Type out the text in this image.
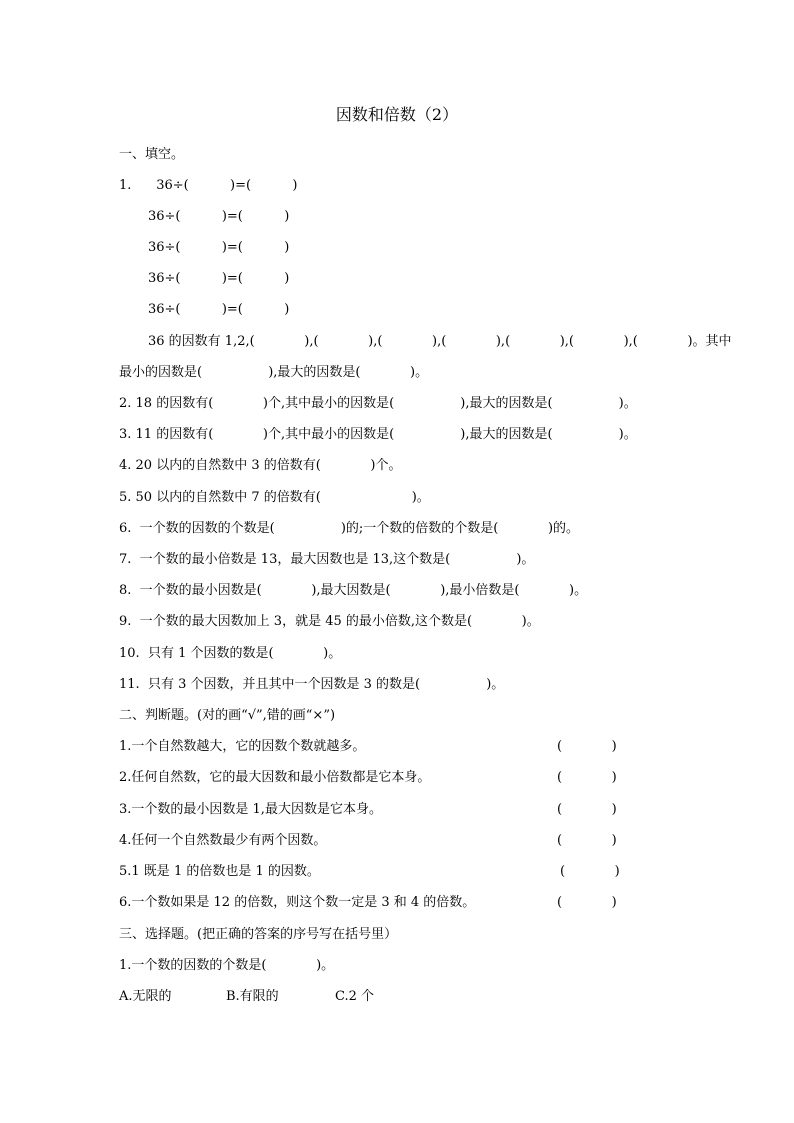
因数和倍数（2）
一、填空。
1.      36÷(          )=(          )
36÷(          )=(          )
36÷(          )=(          )
36÷(          )=(          )
36÷(          )=(          )
36 的因数有 1,2,(            ),(            ),(            ),(            ),(            ),(            ),(            )。其中
最小的因数是(                ),最大的因数是(            )。
2. 18 的因数有(            )个,其中最小的因数是(                ),最大的因数是(                )。
3. 11 的因数有(            )个,其中最小的因数是(                ),最大的因数是(                )。
4. 20 以内的自然数中 3 的倍数有(            )个。
5. 50 以内的自然数中 7 的倍数有(                      )。
6.  一个数的因数的个数是(                )的;一个数的倍数的个数是(            )的。
7.  一个数的最小倍数是 13，最大因数也是 13,这个数是(                )。
8.  一个数的最小因数是(            ),最大因数是(            ),最小倍数是(            )。
9.  一个数的最大因数加上 3，就是 45 的最小倍数,这个数是(            )。
10.  只有 1 个因数的数是(            )。
11.  只有 3 个因数，并且其中一个因数是 3 的数是(                )。
二、判断题。(对的画“√”,错的画“×”)
1.一个自然数越大，它的因数个数就越多。	(            )
2.任何自然数，它的最大因数和最小倍数都是它本身。	(            )
3.一个数的最小因数是 1,最大因数是它本身。	(            )
4.任何一个自然数最少有两个因数。	(            )
5.1 既是 1 的倍数也是 1 的因数。	(            )
6.一个数如果是 12 的倍数，则这个数一定是 3 和 4 的倍数。	(            )
三、选择题。(把正确的答案的序号写在括号里）
1.一个数的因数的个数是(            )。
A.无限的	B.有限的	C.2 个
